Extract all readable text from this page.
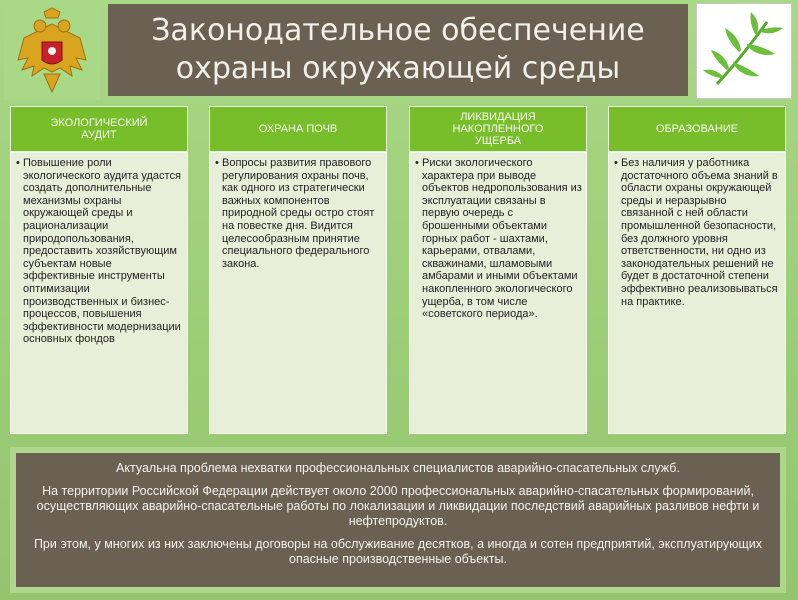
Законодательное обеспечение
охраны окружающей среды
ЭКОЛОГИЧЕСКИЙ
АУДИТ
• Повышение роли экологического аудита удастся создать дополнительные механизмы охраны окружающей среды и рационализации природопользования, предоставить хозяйствующим субъектам новые эффективные инструменты оптимизации производственных и бизнес-процессов, повышения эффективности модернизации основных фондов
ОХРАНА ПОЧВ
• Вопросы развития правового регулирования охраны почв, как одного из стратегически важных компонентов природной среды остро стоят на повестке дня. Видится целесообразным принятие специального федерального закона.
ЛИКВИДАЦИЯ
НАКОПЛЕННОГО
УЩЕРБА
• Риски экологического характера при выводе объектов недропользования из эксплуатации связаны в первую очередь с брошенными объектами горных работ - шахтами, карьерами, отвалами, скважинами, шламовыми амбарами и иными объектами накопленного экологического ущерба, в том числе «советского периода».
ОБРАЗОВАНИЕ
• Без наличия у работника достаточного объема знаний в области охраны окружающей среды и неразрывно связанной с ней области промышленной безопасности, без должного уровня ответственности, ни одно из законодательных решений не будет в достаточной степени эффективно реализовываться на практике.

Актуальна проблема нехватки профессиональных специалистов аварийно-спасательных служб.

На территории Российской Федерации действует около 2000 профессиональных аварийно-спасательных формирований, осуществляющих аварийно-спасательные работы по локализации и ликвидации последствий аварийных разливов нефти и нефтепродуктов.

При этом, у многих из них заключены договоры на обслуживание десятков, а иногда и сотен предприятий, эксплуатирующих опасные производственные объекты.
